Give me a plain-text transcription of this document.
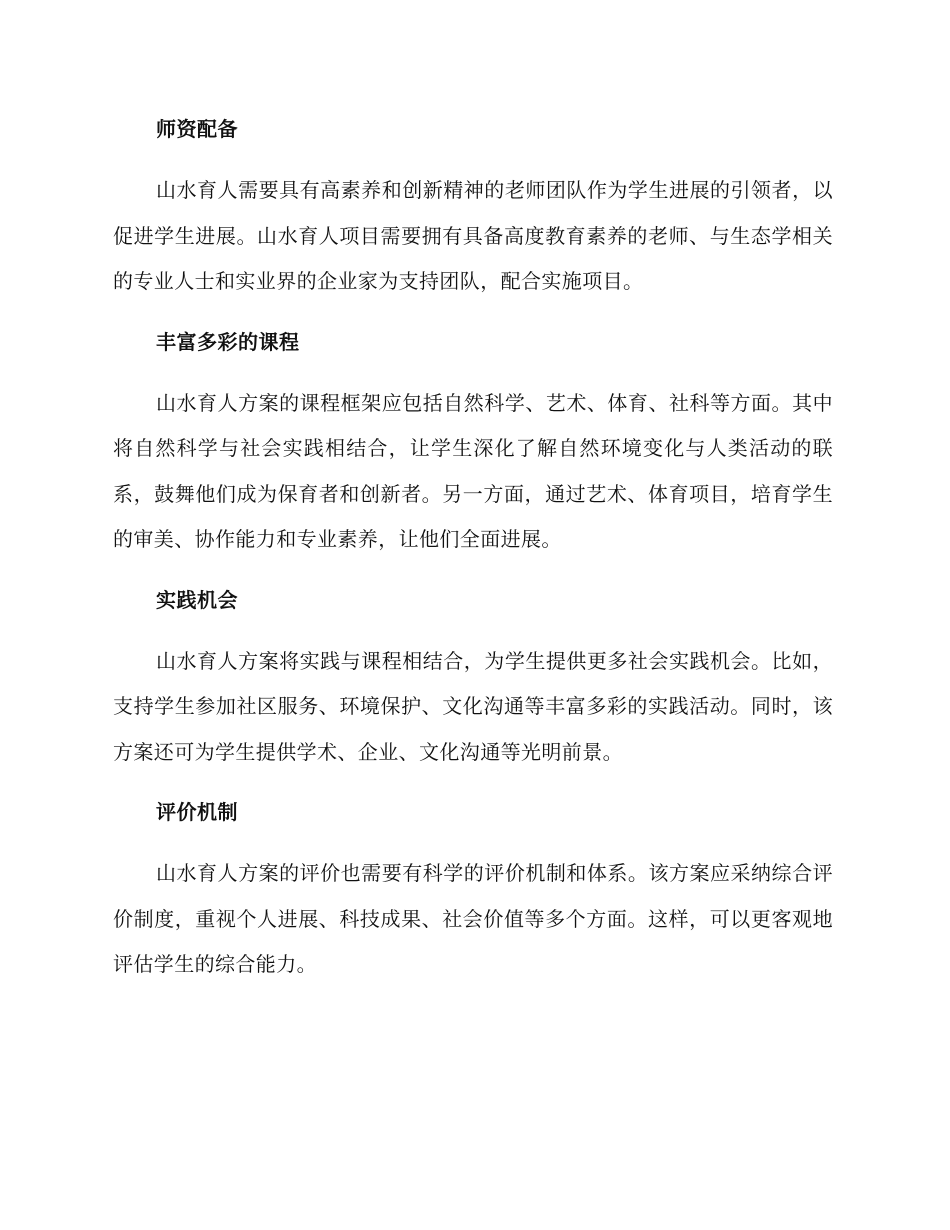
师资配备

山水育人需要具有高素养和创新精神的老师团队作为学生进展的引领者，以促进学生进展。山水育人项目需要拥有具备高度教育素养的老师、与生态学相关的专业人士和实业界的企业家为支持团队，配合实施项目。

丰富多彩的课程

山水育人方案的课程框架应包括自然科学、艺术、体育、社科等方面。其中将自然科学与社会实践相结合，让学生深化了解自然环境变化与人类活动的联系，鼓舞他们成为保育者和创新者。另一方面，通过艺术、体育项目，培育学生的审美、协作能力和专业素养，让他们全面进展。

实践机会

山水育人方案将实践与课程相结合，为学生提供更多社会实践机会。比如，支持学生参加社区服务、环境保护、文化沟通等丰富多彩的实践活动。同时，该方案还可为学生提供学术、企业、文化沟通等光明前景。

评价机制

山水育人方案的评价也需要有科学的评价机制和体系。该方案应采纳综合评价制度，重视个人进展、科技成果、社会价值等多个方面。这样，可以更客观地评估学生的综合能力。
